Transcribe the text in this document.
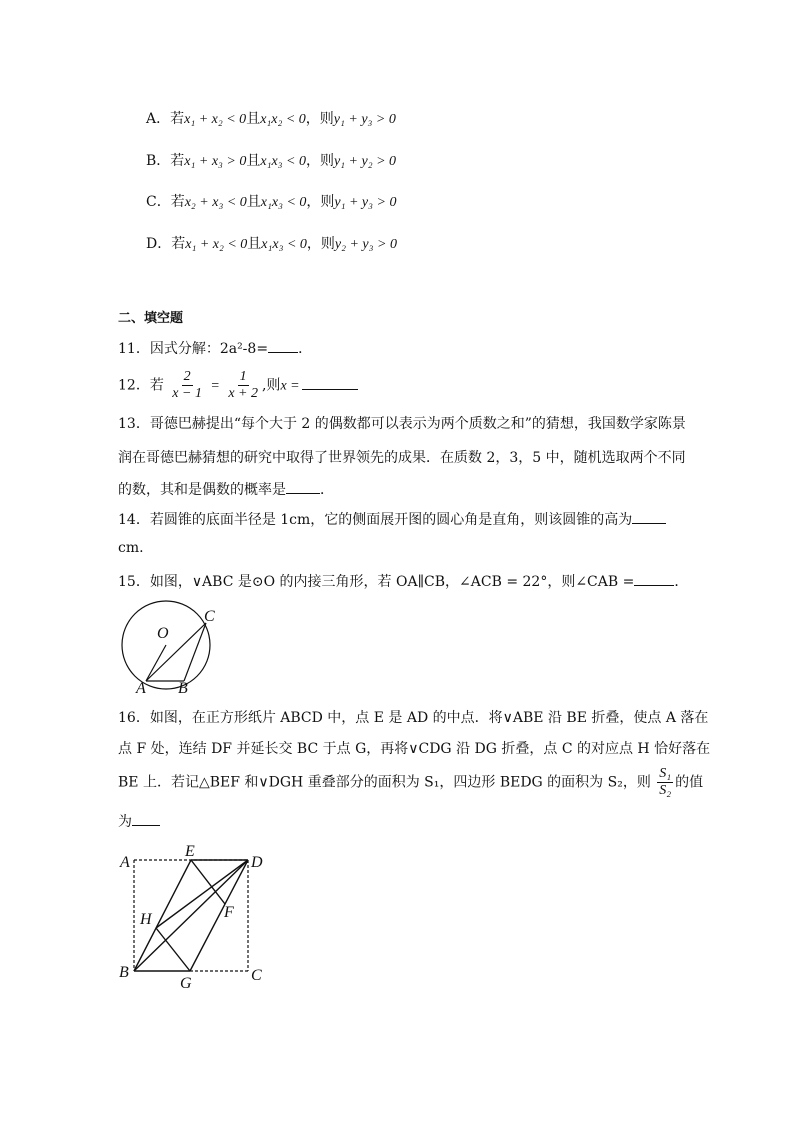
A．若x₁ + x₂ < 0且x₁x₂ < 0，则y₁ + y₃ > 0
B．若x₁ + x₃ > 0且x₁x₃ < 0，则y₁ + y₂ > 0
C．若x₂ + x₃ < 0且x₁x₃ < 0，则y₁ + y₃ > 0
D．若x₁ + x₂ < 0且x₁x₃ < 0，则y₂ + y₃ > 0
二、填空题
11．因式分解：2a²-8= ．
12．若 $\frac{2}{x - 1} = \frac{1}{x + 2}$ ,则x =
13．哥德巴赫提出“每个大于 2 的偶数都可以表示为两个质数之和”的猜想，我国数学家陈景
润在哥德巴赫猜想的研究中取得了世界领先的成果．在质数 2，3，5 中，随机选取两个不同
的数，其和是偶数的概率是 ．
14．若圆锥的底面半径是 1cm，它的侧面展开图的圆心角是直角，则该圆锥的高为
cm.
15．如图，∨ABC 是⊙O 的内接三角形，若 OA∥CB，∠ACB = 22°，则∠CAB =	．
O
C
A B
16．如图，在正方形纸片 ABCD 中，点 E 是 AD 的中点．将∨ABE 沿 BE 折叠，使点 A 落在
点 F 处，连结 DF 并延长交 BC 于点 G，再将∨CDG 沿 DG 折叠，点 C 的对应点 H 恰好落在
BE 上．若记△BEF 和∨DGH 重叠部分的面积为 S₁，四边形 BEDG 的面积为 S₂，则 $\frac{\text{S₁}}{\text{S₂}}$ 的值
为
A
E
D
H	F
B
G	C
